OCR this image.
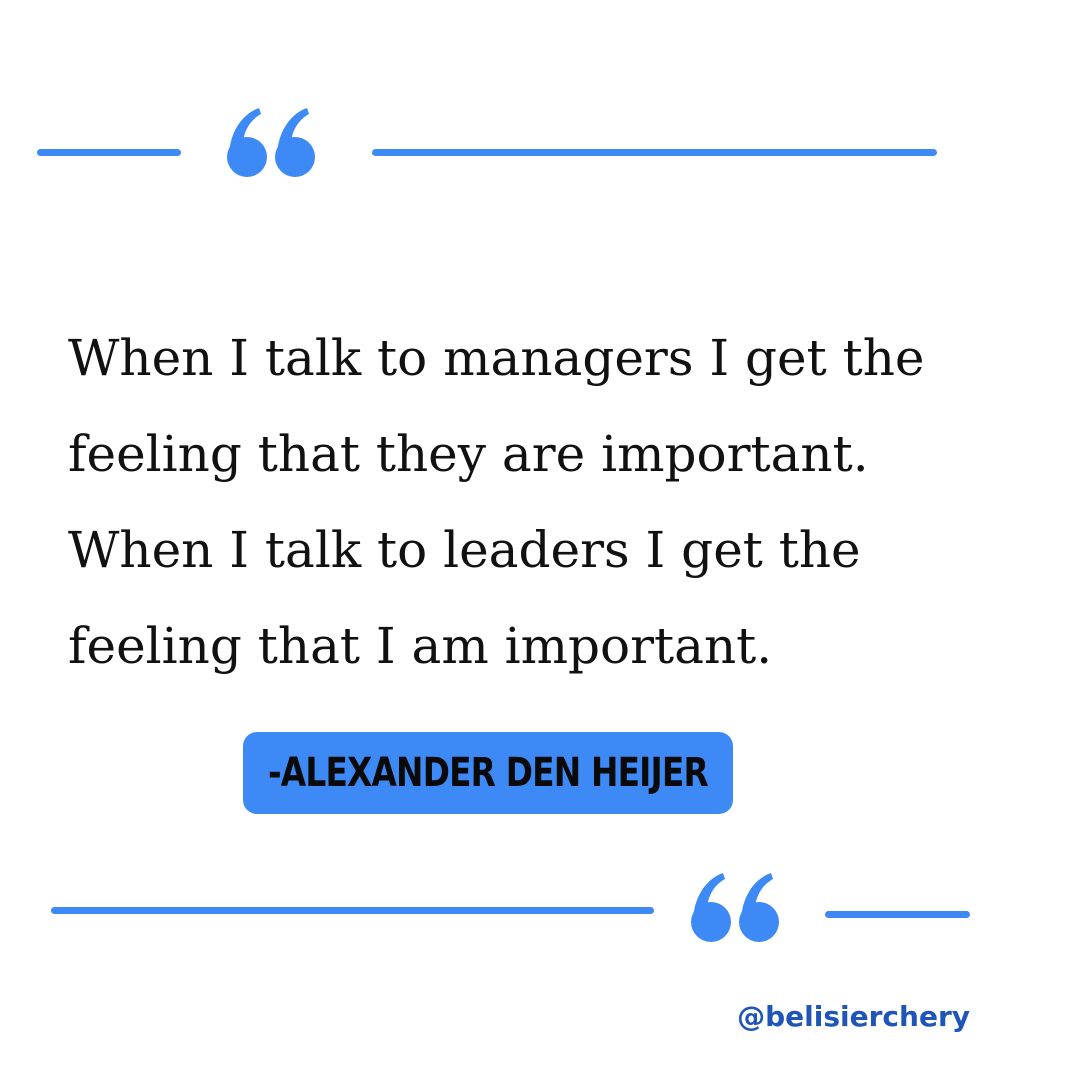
When I talk to managers I get the
feeling that they are important.
When I talk to leaders I get the
feeling that I am important.

-ALEXANDER DEN HEIJER
@belisierchery
